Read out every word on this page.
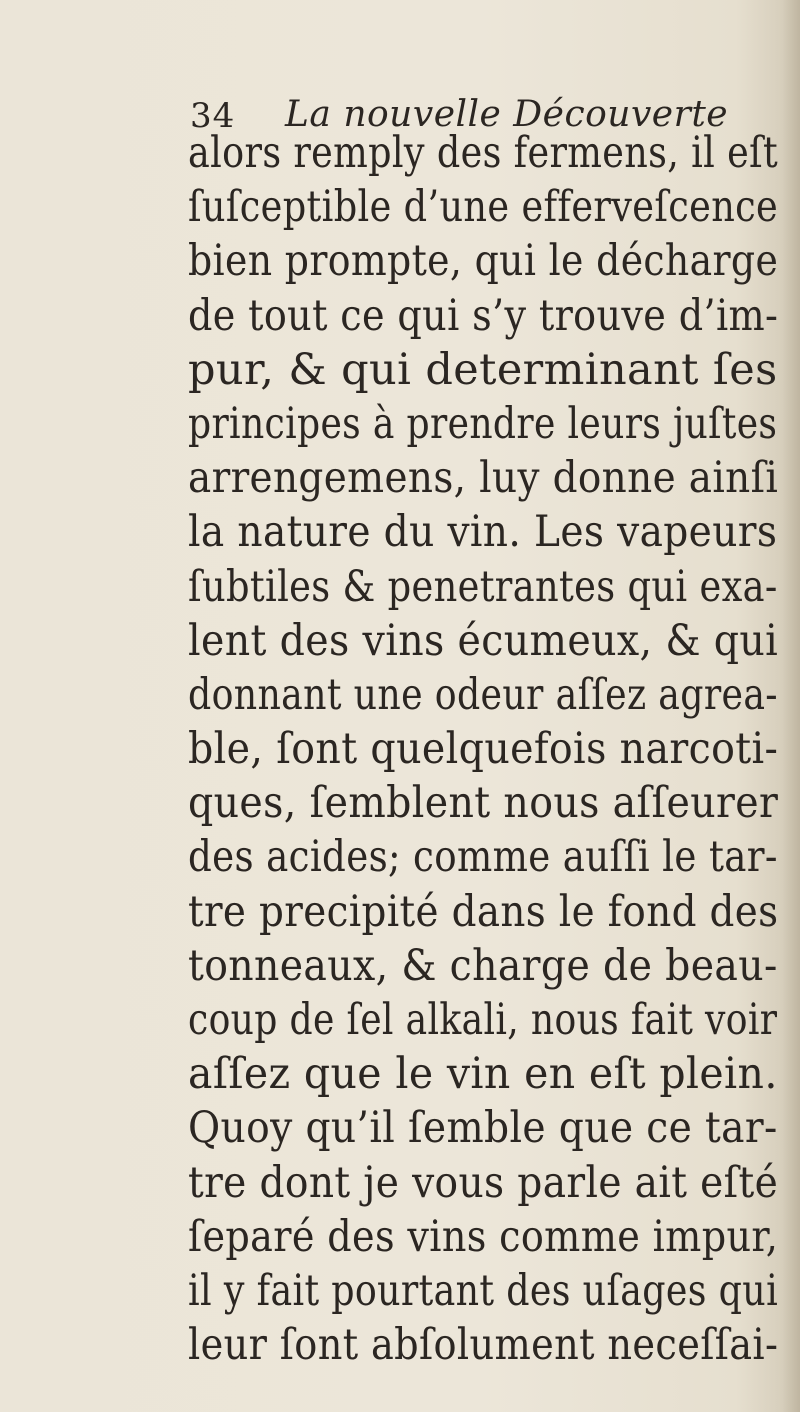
34 La nouvelle Découverte
alors remply des fermens, il eſt
ſuſceptible d’une efferveſcence
bien prompte, qui le décharge
de tout ce qui s’y trouve d’im-
pur, & qui determinant ſes
principes à prendre leurs juſtes
arrengemens, luy donne ainſi
la nature du vin. Les vapeurs
ſubtiles & penetrantes qui exa-
lent des vins écumeux, & qui
donnant une odeur aſſez agrea-
ble, ſont quelquefois narcoti-
ques, ſemblent nous aſſeurer
des acides; comme auſſi le tar-
tre precipité dans le fond des
tonneaux, & charge de beau-
coup de ſel alkali, nous fait voir
aſſez que le vin en eſt plein.
Quoy qu’il ſemble que ce tar-
tre dont je vous parle ait eſté
ſeparé des vins comme impur,
il y fait pourtant des uſages qui
leur ſont abſolument neceſſai-
